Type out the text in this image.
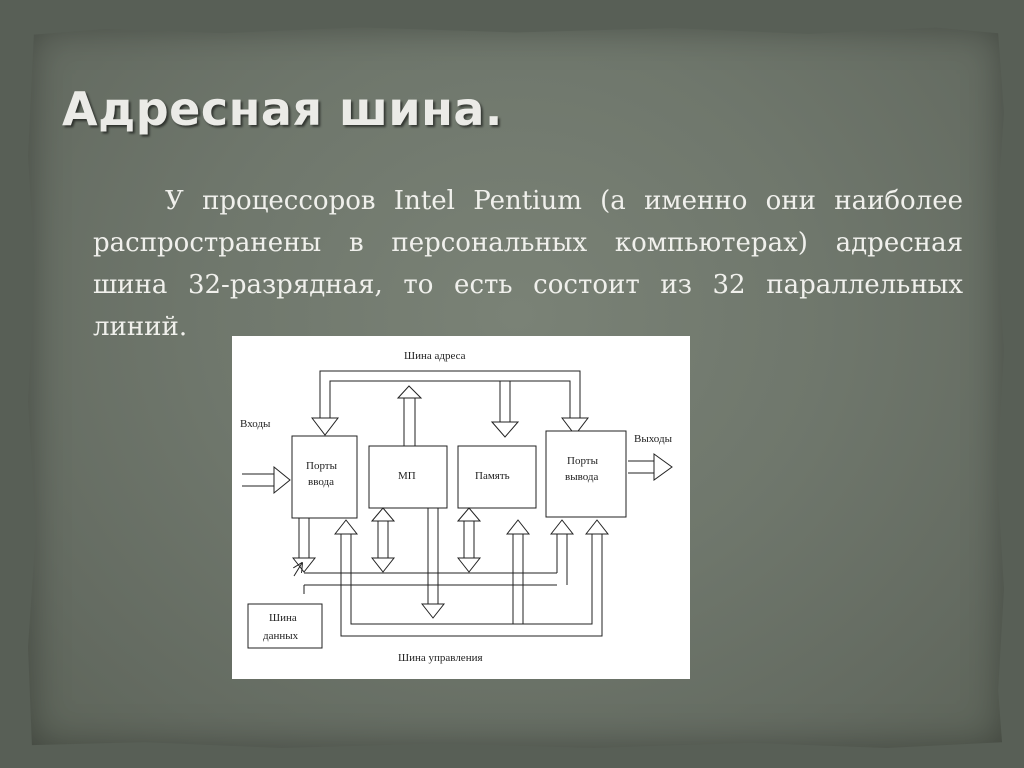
Адресная шина.

У процессоров Intel Pentium (а именно они наиболее распространены в персональных компьютерах) адресная шина 32-разрядная, то есть состоит из 32 параллельных линий.

Шина адреса
Входы
Выходы
Порты
ввода	МП	Память
Порты
вывода
Шина
данных
Шина управления
